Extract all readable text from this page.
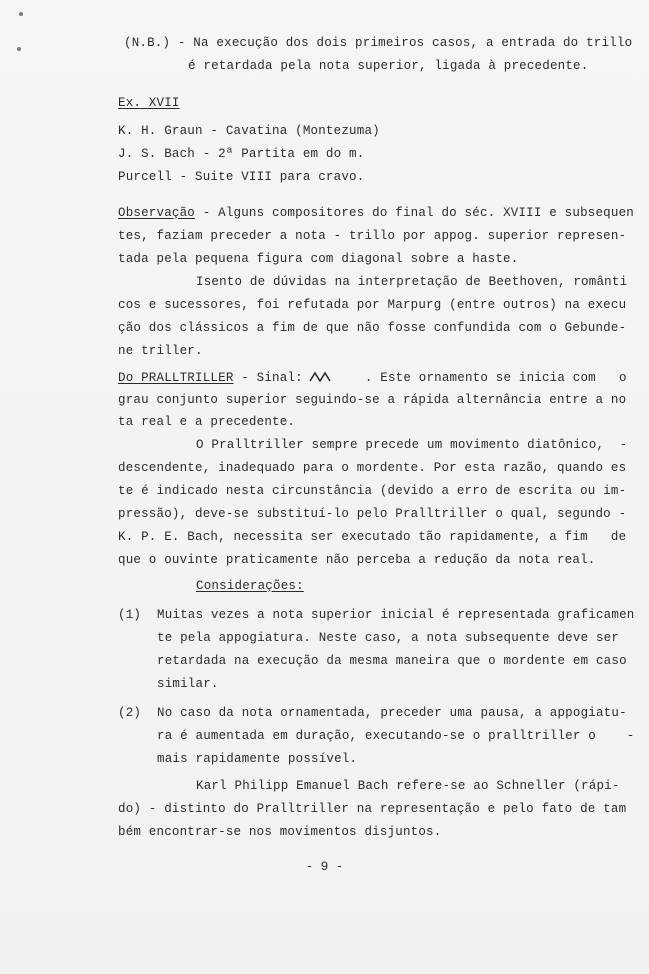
(N.B.) - Na execução dos dois primeiros casos, a entrada do trillo
é retardada pela nota superior, ligada à precedente.
Ex. XVII
K. H. Graun - Cavatina (Montezuma)
J. S. Bach - 2ª Partita em do m.
Purcell - Suite VIII para cravo.
Observação - Alguns compositores do final do séc. XVIII e subsequen
tes, faziam preceder a nota - trillo por appog. superior represen-
tada pela pequena figura com diagonal sobre a haste.
Isento de dúvidas na interpretação de Beethoven, românti
cos e sucessores, foi refutada por Marpurg (entre outros) na execu
ção dos clássicos a fim de que não fosse confundida com o Gebunde-
ne triller.
Do PRALLTRILLER - Sinal:	. Este ornamento se inicia com   o
grau conjunto superior seguindo-se a rápida alternância entre a no
ta real e a precedente.
O Pralltriller sempre precede um movimento diatônico,  -
descendente, inadequado para o mordente. Por esta razão, quando es
te é indicado nesta circunstância (devido a erro de escrita ou im-
pressão), deve-se substituí-lo pelo Pralltriller o qual, segundo -
K. P. E. Bach, necessita ser executado tão rapidamente, a fim   de
que o ouvinte praticamente não perceba a redução da nota real.
Considerações:
(1) Muitas vezes a nota superior inicial é representada graficamen
te pela appogiatura. Neste caso, a nota subsequente deve ser
retardada na execução da mesma maneira que o mordente em caso
similar.
(2) No caso da nota ornamentada, preceder uma pausa, a appogiatu-
ra é aumentada em duração, executando-se o pralltriller o    -
mais rapidamente possível.
Karl Philipp Emanuel Bach refere-se ao Schneller (rápi-
do) - distinto do Pralltriller na representação e pelo fato de tam
bém encontrar-se nos movimentos disjuntos.
- 9 -
